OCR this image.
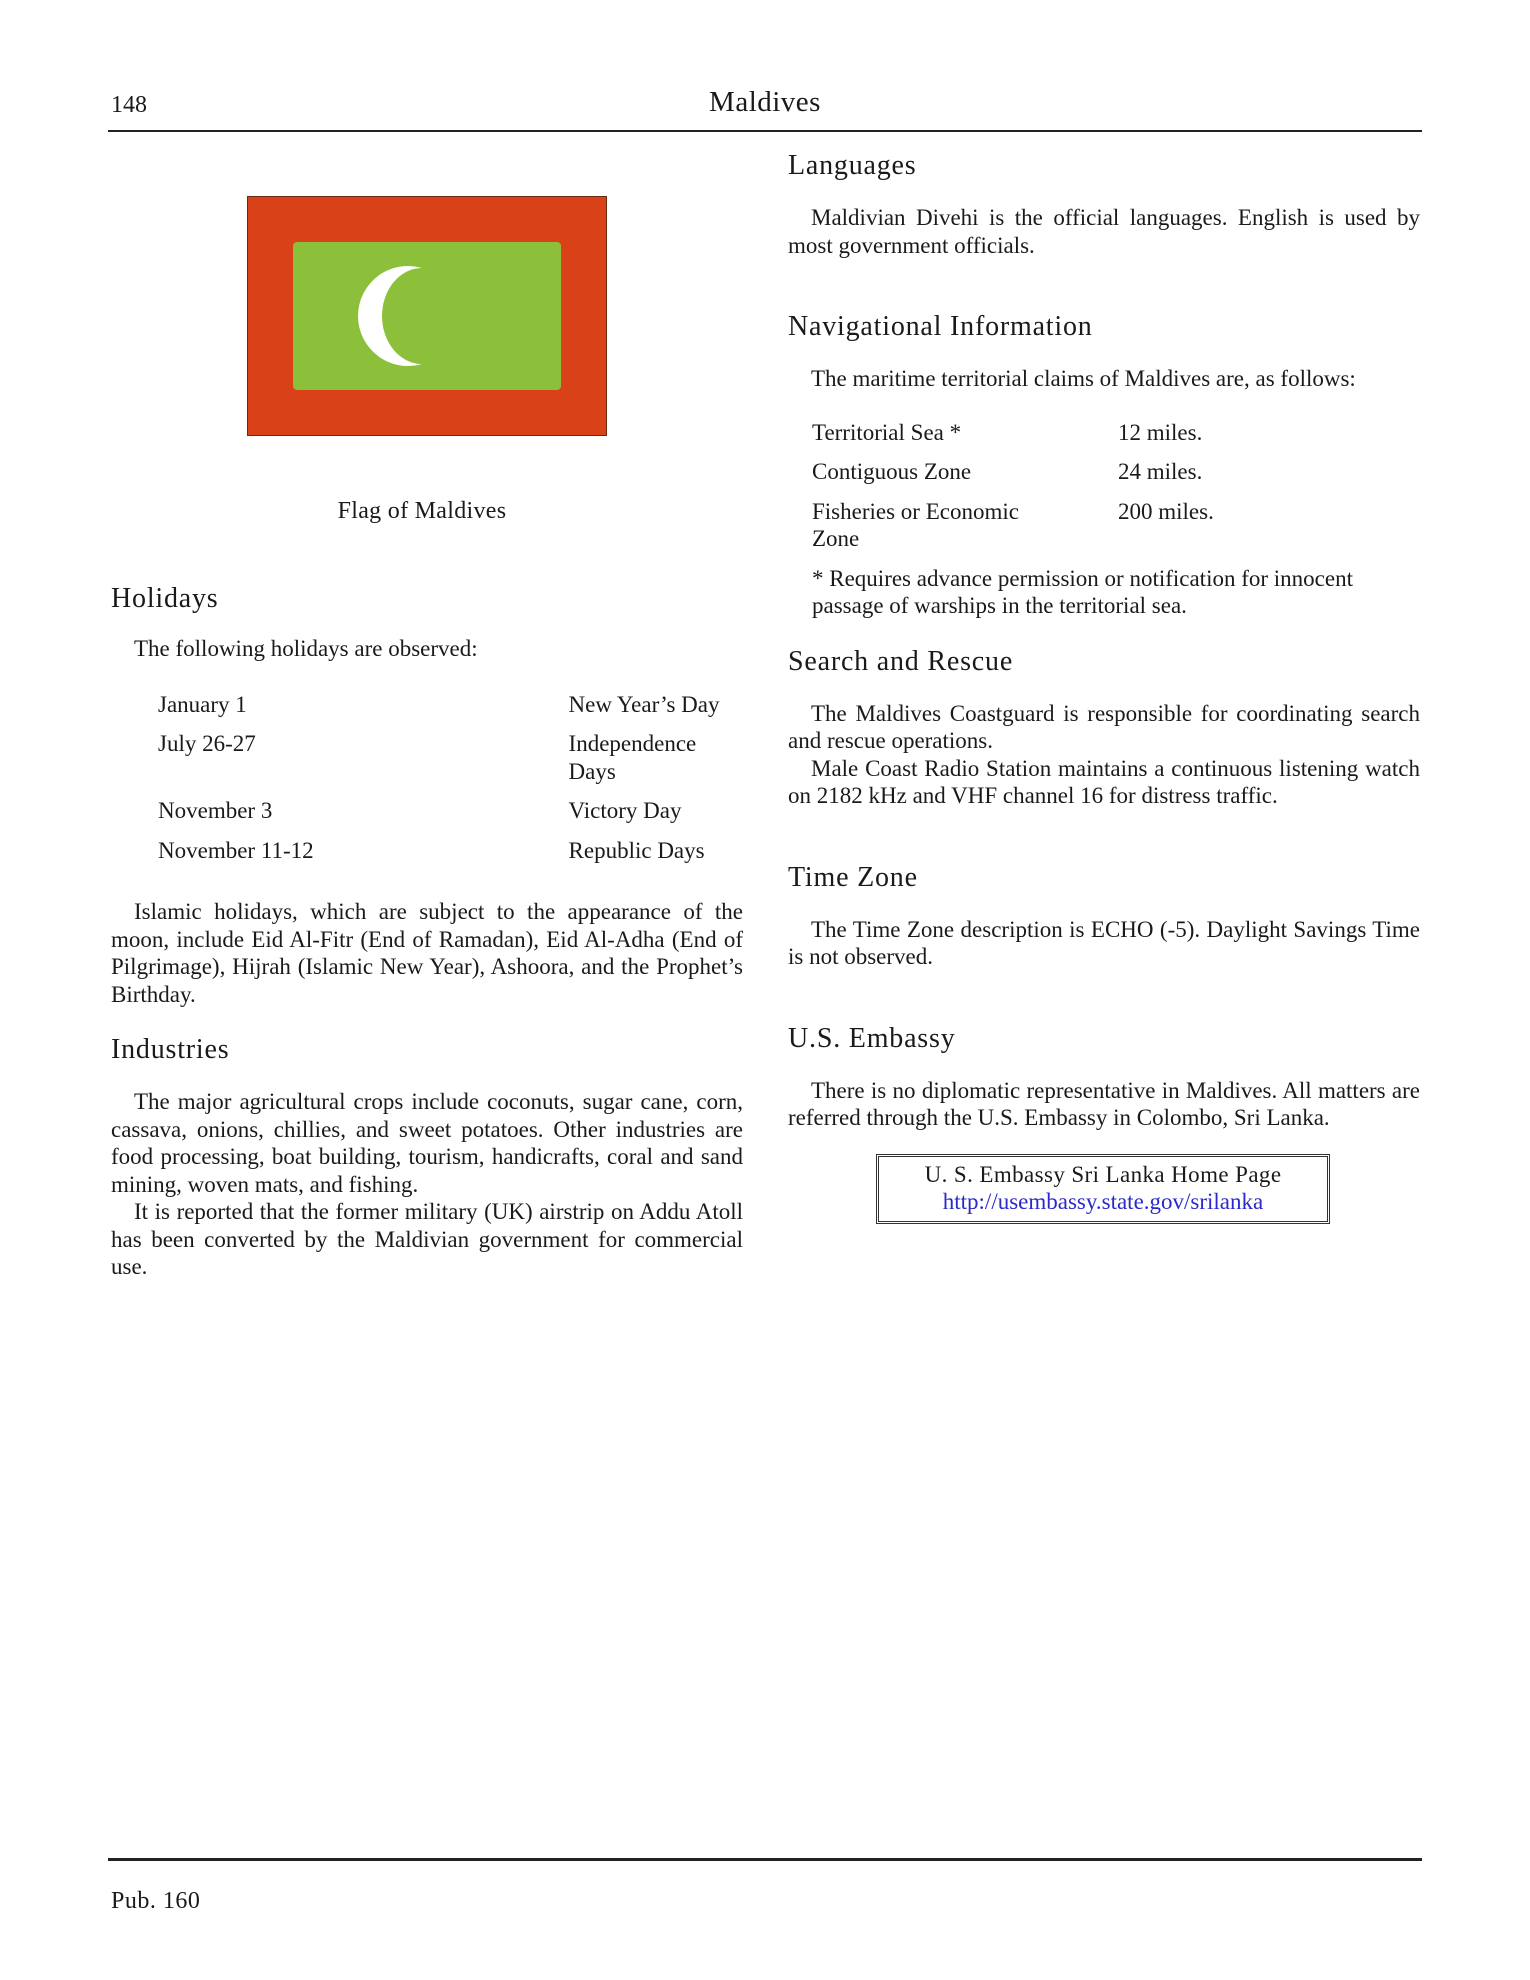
148	Maldives
Flag of Maldives
Holidays

The following holidays are observed:

January 1	New Year’s Day
July 26-27	Independence Days
November 3	Victory Day
November 11-12	Republic Days

Islamic holidays, which are subject to the appearance of the moon, include Eid Al-Fitr (End of Ramadan), Eid Al-Adha (End of Pilgrimage), Hijrah (Islamic New Year), Ashoora, and the Prophet’s Birthday.

Industries

The major agricultural crops include coconuts, sugar cane, corn, cassava, onions, chillies, and sweet potatoes. Other industries are food processing, boat building, tourism, handicrafts, coral and sand mining, woven mats, and fishing.

It is reported that the former military (UK) airstrip on Addu Atoll has been converted by the Maldivian government for commercial use.

Languages

Maldivian Divehi is the official languages. English is used by most government officials.

Navigational Information

The maritime territorial claims of Maldives are, as follows:

Territorial Sea *	12 miles.
Contiguous Zone	24 miles.
Fisheries or Economic Zone	200 miles.

* Requires advance permission or notification for innocent passage of warships in the territorial sea.

Search and Rescue

The Maldives Coastguard is responsible for coordinating search and rescue operations.

Male Coast Radio Station maintains a continuous listening watch on 2182 kHz and VHF channel 16 for distress traffic.

Time Zone

The Time Zone description is ECHO (-5). Daylight Savings Time is not observed.

U.S. Embassy

There is no diplomatic representative in Maldives. All matters are referred through the U.S. Embassy in Colombo, Sri Lanka.

U. S. Embassy Sri Lanka Home Page
http://usembassy.state.gov/srilanka
Pub. 160
